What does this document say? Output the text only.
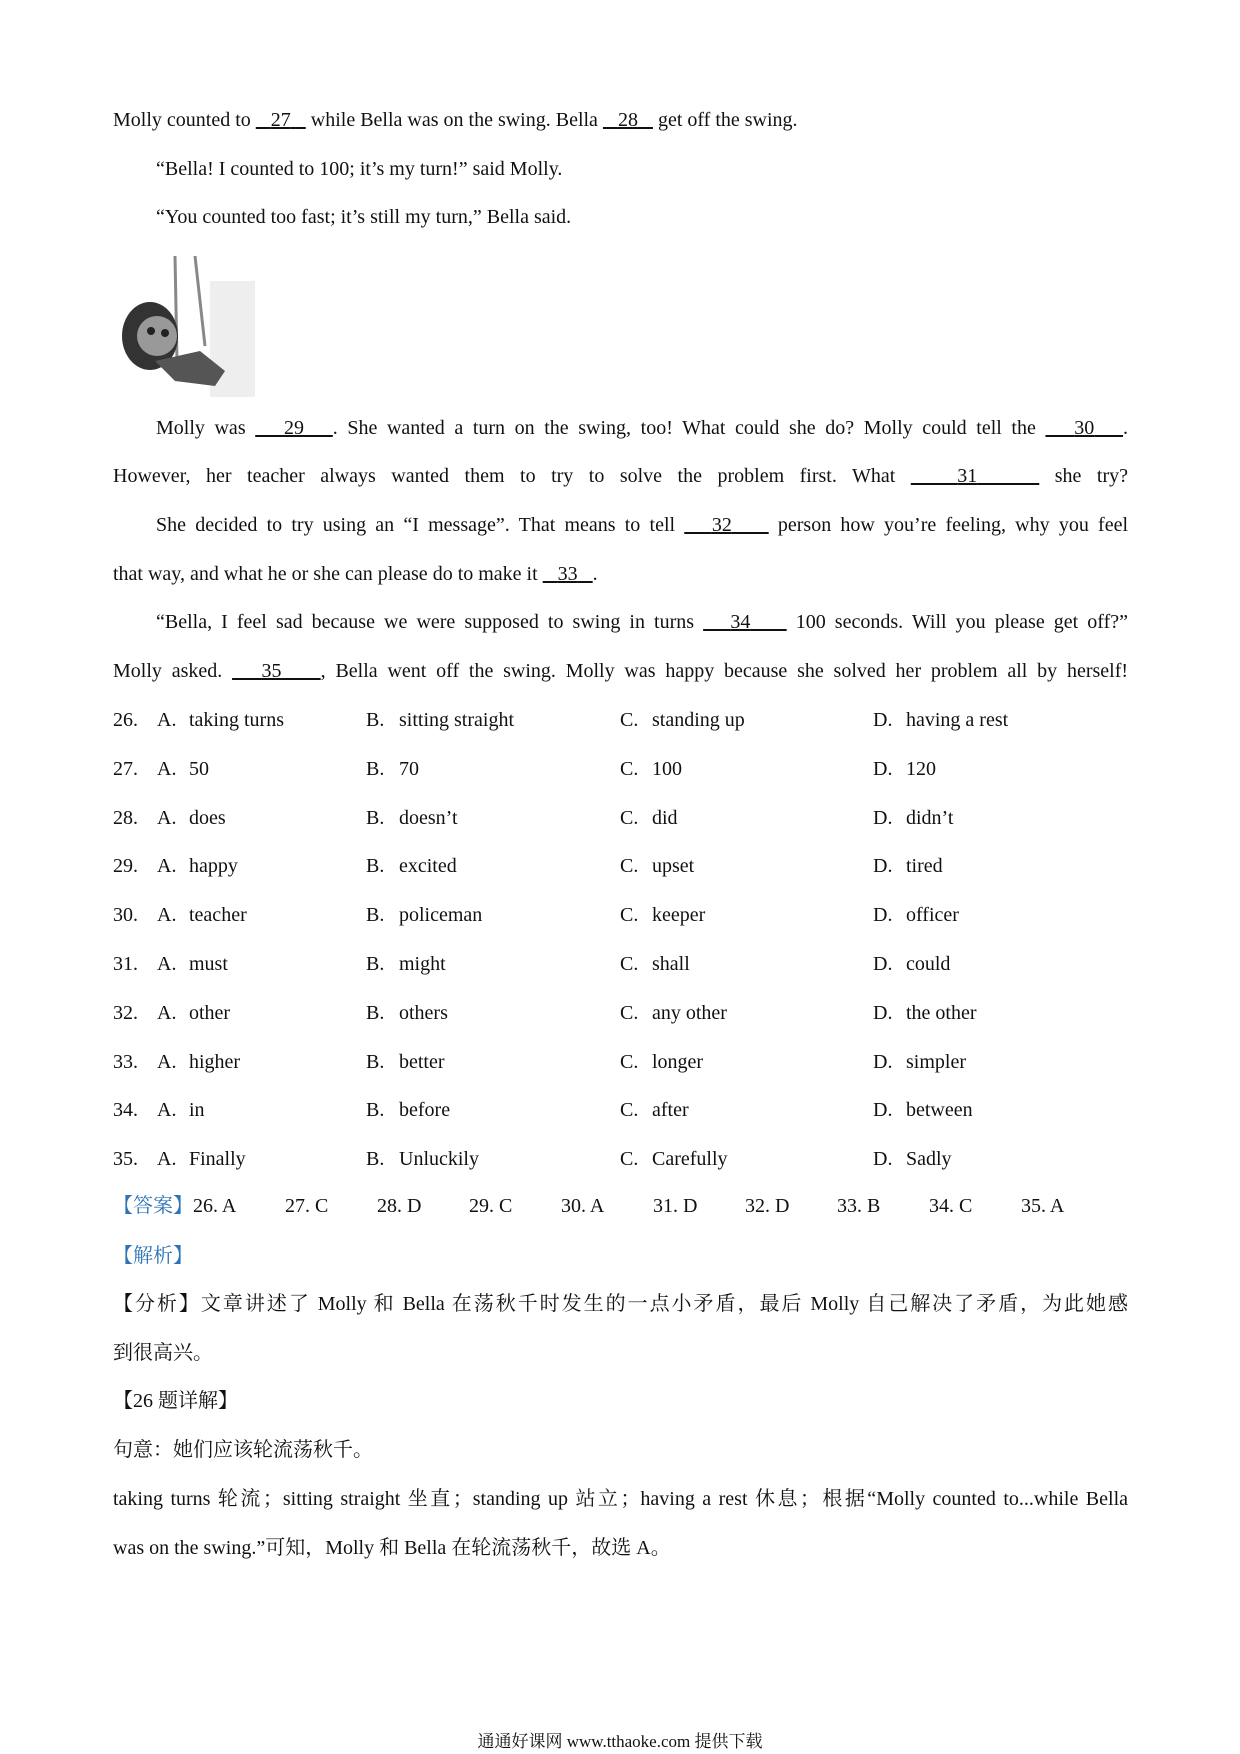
Molly counted to    27    while Bella was on the swing. Bella    28    get off the swing.
“Bella! I counted to 100; it’s my turn!” said Molly.
“You counted too fast; it’s still my turn,” Bella said.
Molly was    29 . She wanted a turn on the swing, too! What could she do? Molly could tell the    30 .
However, her teacher always wanted them to try to solve the problem first. What    31	she try?
She decided to try using an “I message”. That means to tell    32     person how you’re feeling, why you feel
that way, and what he or she can please do to make it    33 .
“Bella, I feel sad because we were supposed to swing in turns    34     100 seconds. Will you please get off?”
Molly asked.    35 , Bella went off the swing. Molly was happy because she solved her problem all by herself!
26. A. taking turns	B. sitting straight	C. standing up	D. having a rest
27. A. 50	B. 70	C. 100	D. 120
28. A. does	B. doesn’t	C. did	D. didn’t
29. A. happy	B. excited	C. upset	D. tired
30. A. teacher	B. policeman	C. keeper	D. officer
31. A. must	B. might	C. shall	D. could
32. A. other	B. others	C. any other	D. the other
33. A. higher	B. better	C. longer	D. simpler
34. A. in	B. before	C. after	D. between
35. A. Finally	B. Unluckily	C. Carefully	D. Sadly
【答案】26. A 27. C 28. D 29. C 30. A 31. D 32. D 33. B 34. C 35. A
【解析】
【分析】文章讲述了 Molly 和 Bella 在荡秋千时发生的一点小矛盾，最后 Molly 自己解决了矛盾，为此她感
到很高兴。
【26 题详解】
句意：她们应该轮流荡秋千。
taking turns 轮流；sitting straight 坐直；standing up 站立；having a rest 休息；根据“Molly counted to...while Bella
was on the swing.”可知，Molly 和 Bella 在轮流荡秋千，故选 A。
通通好课网 www.tthaoke.com 提供下载
